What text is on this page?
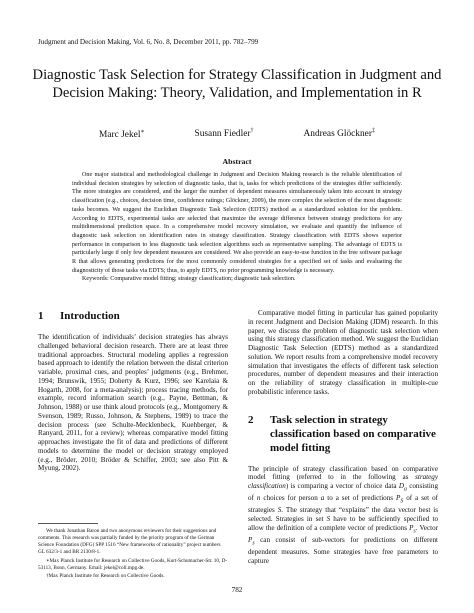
Judgment and Decision Making, Vol. 6, No. 8, December 2011, pp. 782–799
Diagnostic Task Selection for Strategy Classification in Judgment and Decision Making: Theory, Validation, and Implementation in R
Marc Jekel∗	Susann Fiedler†	Andreas Glöckner‡
Abstract

One major statistical and methodological challenge in Judgment and Decision Making research is the reliable identification of individual decision strategies by selection of diagnostic tasks, that is, tasks for which predictions of the strategies differ sufficiently. The more strategies are considered, and the larger the number of dependent measures simultaneously taken into account in strategy classification (e.g., choices, decision time, confidence ratings; Glöckner, 2009), the more complex the selection of the most diagnostic tasks becomes. We suggest the Euclidian Diagnostic Task Selection (EDTS) method as a standardized solution for the problem. According to EDTS, experimental tasks are selected that maximize the average difference between strategy predictions for any multidimensional prediction space. In a comprehensive model recovery simulation, we evaluate and quantify the influence of diagnostic task selection on identification rates in strategy classification. Strategy classification with EDTS shows superior performance in comparison to less diagnostic task selection algorithms such as representative sampling. The advantage of EDTS is particularly large if only few dependent measures are considered. We also provide an easy-to-use function in the free software package R that allows generating predictions for the most commonly considered strategies for a specified set of tasks and evaluating the diagnosticity of those tasks via EDTS; thus, to apply EDTS, no prior programming knowledge is necessary.

Keywords: Comparative model fitting; strategy classification; diagnostic task selection.

1 Introduction

The identification of individuals’ decision strategies has always challenged behavioral decision research. There are at least three traditional approaches. Structural modeling applies a regression based approach to identify the relation between the distal criterion variable, proximal cues, and peoples’ judgments (e.g., Brehmer, 1994; Brunswik, 1955; Doherty & Kurz, 1996; see Karelaia & Hogarth, 2008, for a meta-analysis); process tracing methods, for example, record information search (e.g., Payne, Bettman, & Johnson, 1988) or use think aloud protocols (e.g., Montgomery & Svenson, 1989; Russo, Johnson, & Stephens, 1989) to trace the decision process (see Schulte-Mecklenbeck, Kuehberger, & Ranyard, 2011, for a review); whereas comparative model fitting approaches investigate the fit of data and predictions of different models to determine the model or decision strategy employed (e.g., Bröder, 2010; Bröder & Schiffer, 2003; see also Pitt & Myung, 2002).

We thank Jonathan Baron and two anonymous reviewers for their suggestions and comments. This research was partially funded by the priority program of the German Science Foundation (DFG) SPP 1516 “New frameworks of rationality” project numbers GL 632/3-1 and BR 2130/8-1.

∗Max Planck Institute for Research on Collective Goods, Kurt-Schumacher-Str. 10, D-53113, Bonn, Germany. Email: jekel@coll.mpg.de.

†Max Planck Institute for Research on Collective Goods.

Comparative model fitting in particular has gained popularity in recent Judgment and Decision Making (JDM) research. In this paper, we discuss the problem of diagnostic task selection when using this strategy classification method. We suggest the Euclidian Diagnostic Task Selection (EDTS) method as a standardized solution. We report results from a comprehensive model recovery simulation that investigates the effects of different task selection procedures, number of dependent measures and their interaction on the reliability of strategy classification in multiple-cue probabilistic inference tasks.

2	Task selection in strategy classification based on comparative model fitting

The principle of strategy classification based on comparative model fitting (referred to in the following as strategy classification) is comparing a vector of choice data $D_a$ consisting of n choices for person a to a set of predictions $P_S$ of a set of strategies S. The strategy that “explains” the data vector best is selected. Strategies in set S have to be sufficiently specified to allow the definition of a complete vector of predictions $P_s$. Vector $P_s$ can consist of sub-vectors for predictions on different dependent measures. Some strategies have free parameters to capture

782
